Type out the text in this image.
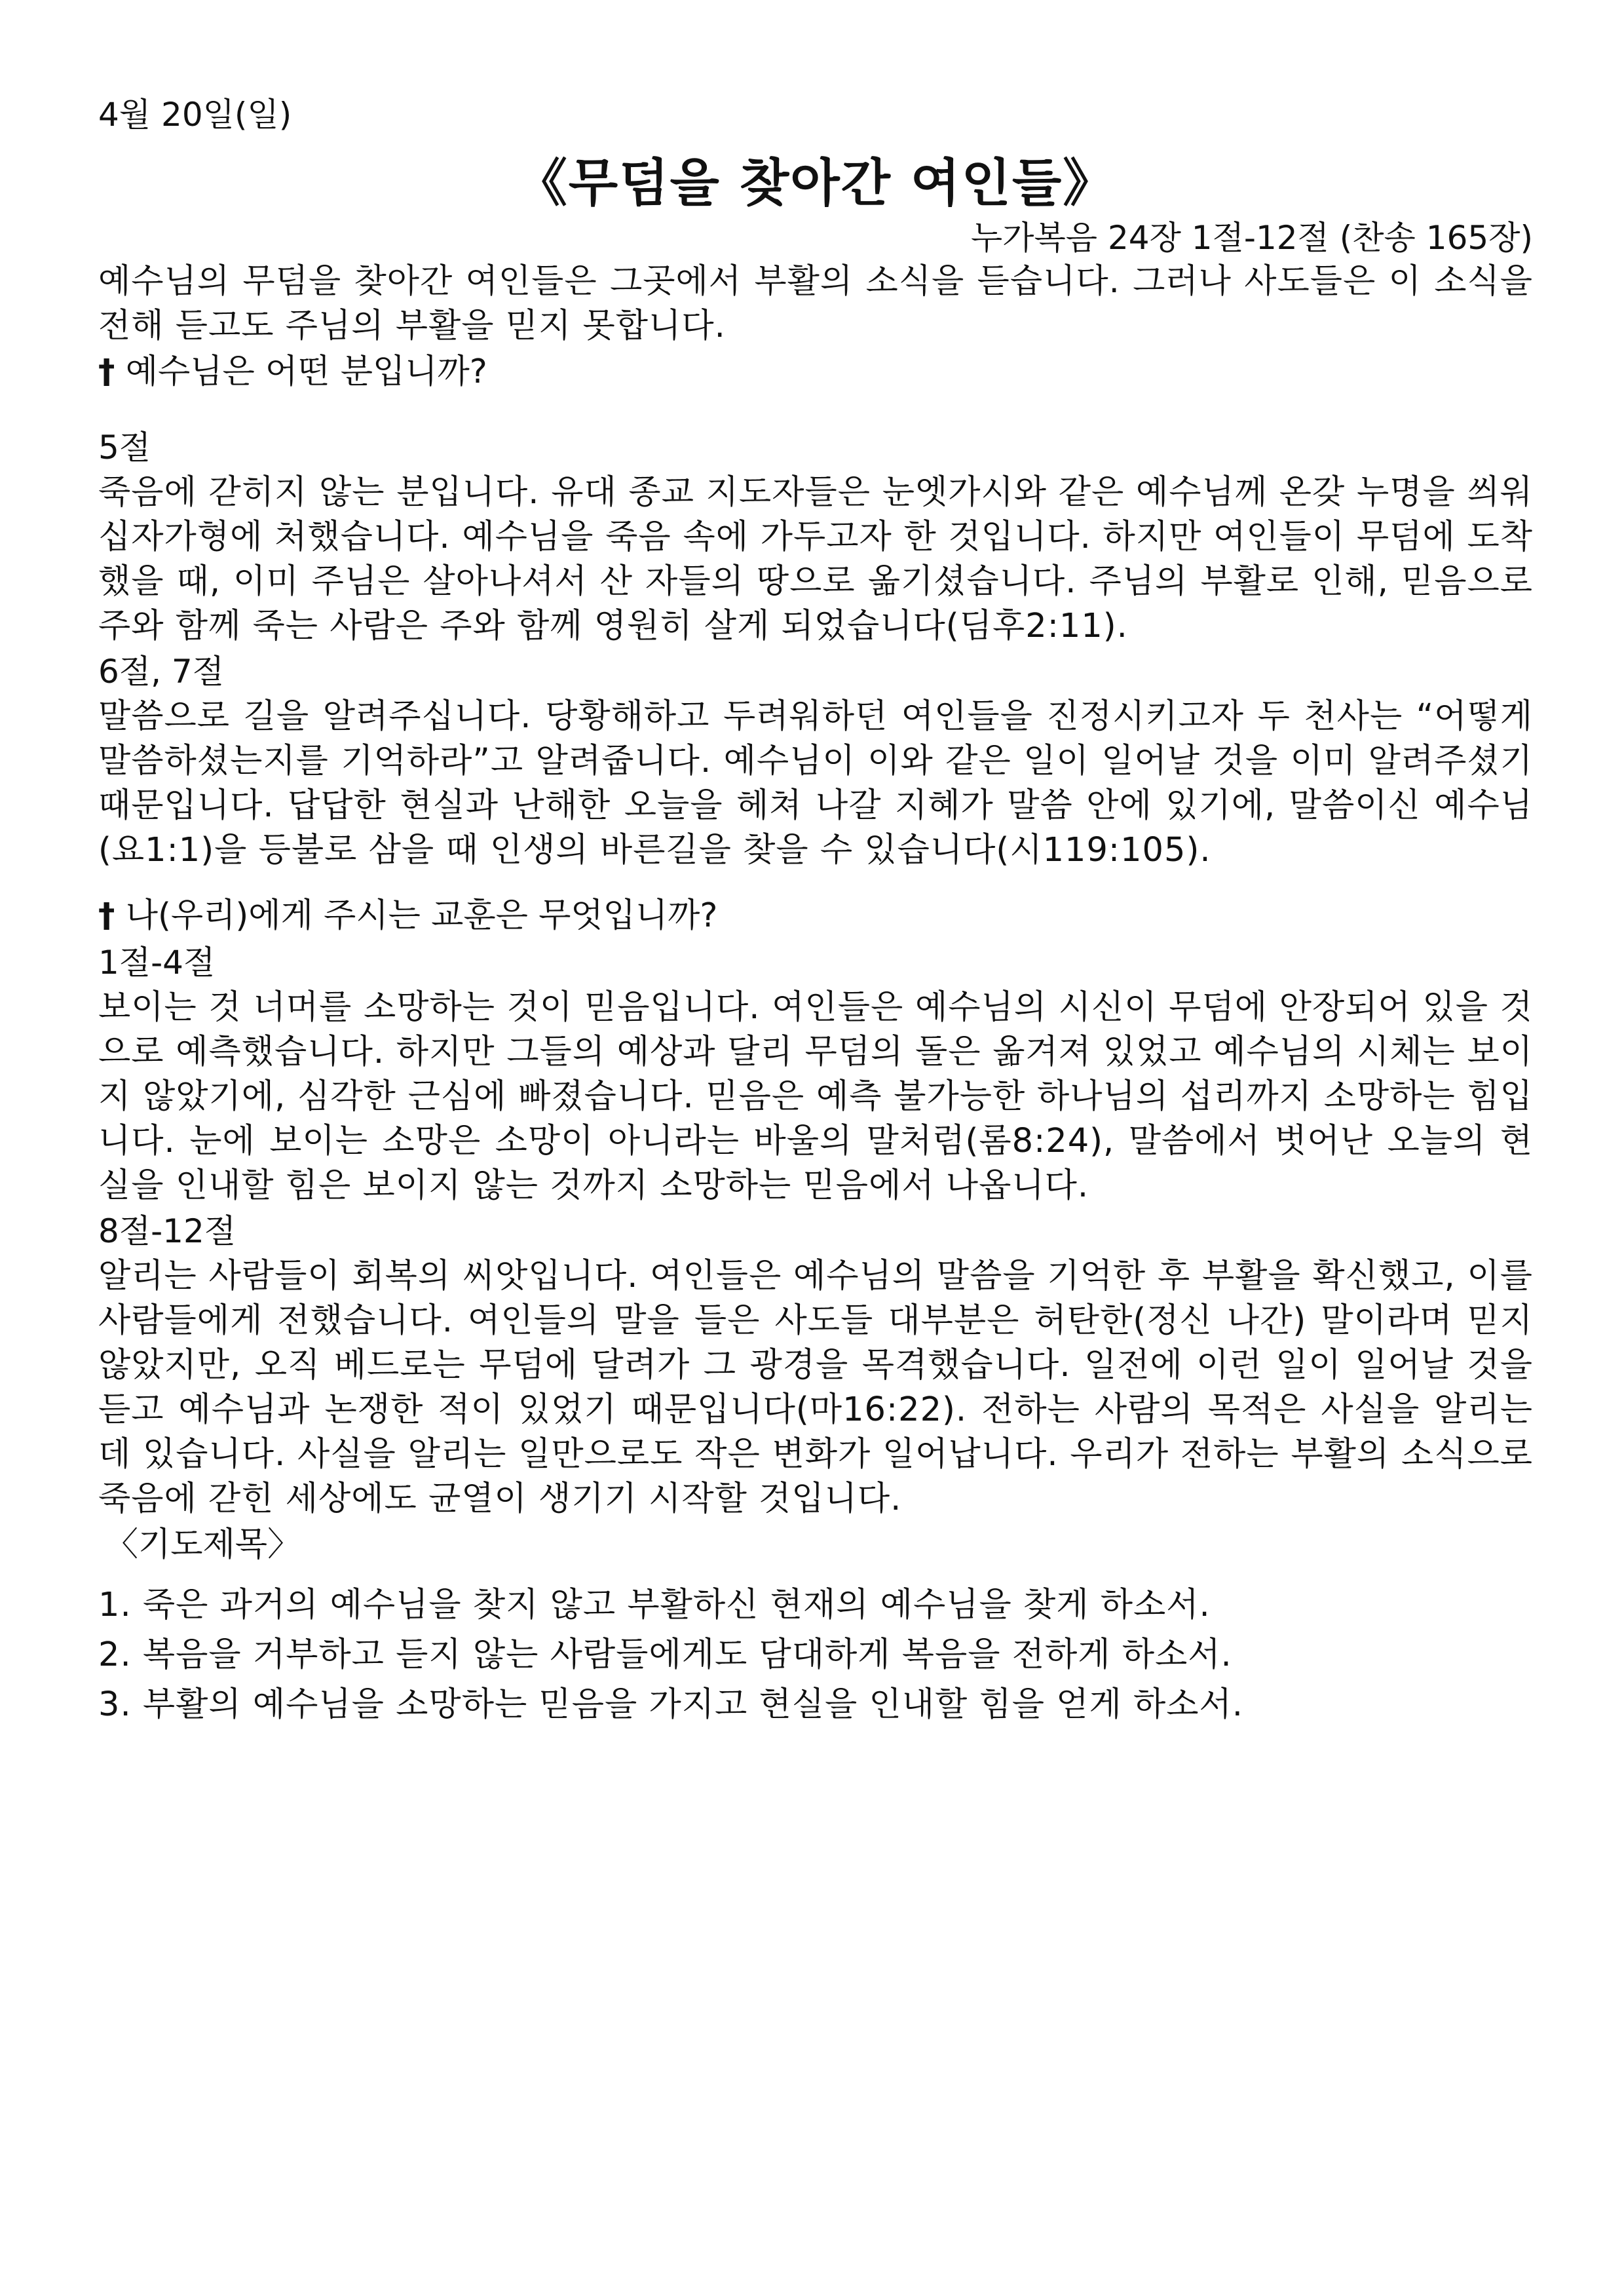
4월 20일(일)
《무덤을 찾아간 여인들》
누가복음 24장 1절-12절 (찬송 165장)

예수님의 무덤을 찾아간 여인들은 그곳에서 부활의 소식을 듣습니다. 그러나 사도들은 이 소식을 전해 듣고도 주님의 부활을 믿지 못합니다.

† 예수님은 어떤 분입니까?
5절

죽음에 갇히지 않는 분입니다. 유대 종교 지도자들은 눈엣가시와 같은 예수님께 온갖 누명을 씌워 십자가형에 처했습니다. 예수님을 죽음 속에 가두고자 한 것입니다. 하지만 여인들이 무덤에 도착했을 때, 이미 주님은 살아나셔서 산 자들의 땅으로 옮기셨습니다. 주님의 부활로 인해, 믿음으로 주와 함께 죽는 사람은 주와 함께 영원히 살게 되었습니다(딤후2:11).

6절, 7절

말씀으로 길을 알려주십니다. 당황해하고 두려워하던 여인들을 진정시키고자 두 천사는 “어떻게 말씀하셨는지를 기억하라”고 알려줍니다. 예수님이 이와 같은 일이 일어날 것을 이미 알려주셨기 때문입니다. 답답한 현실과 난해한 오늘을 헤쳐 나갈 지혜가 말씀 안에 있기에, 말씀이신 예수님(요1:1)을 등불로 삼을 때 인생의 바른길을 찾을 수 있습니다(시119:105).

† 나(우리)에게 주시는 교훈은 무엇입니까?
1절-4절

보이는 것 너머를 소망하는 것이 믿음입니다. 여인들은 예수님의 시신이 무덤에 안장되어 있을 것으로 예측했습니다. 하지만 그들의 예상과 달리 무덤의 돌은 옮겨져 있었고 예수님의 시체는 보이지 않았기에, 심각한 근심에 빠졌습니다. 믿음은 예측 불가능한 하나님의 섭리까지 소망하는 힘입니다. 눈에 보이는 소망은 소망이 아니라는 바울의 말처럼(롬8:24), 말씀에서 벗어난 오늘의 현실을 인내할 힘은 보이지 않는 것까지 소망하는 믿음에서 나옵니다.

8절-12절

알리는 사람들이 회복의 씨앗입니다. 여인들은 예수님의 말씀을 기억한 후 부활을 확신했고, 이를 사람들에게 전했습니다. 여인들의 말을 들은 사도들 대부분은 허탄한(정신 나간) 말이라며 믿지 않았지만, 오직 베드로는 무덤에 달려가 그 광경을 목격했습니다. 일전에 이런 일이 일어날 것을 듣고 예수님과 논쟁한 적이 있었기 때문입니다(마16:22). 전하는 사람의 목적은 사실을 알리는 데 있습니다. 사실을 알리는 일만으로도 작은 변화가 일어납니다. 우리가 전하는 부활의 소식으로 죽음에 갇힌 세상에도 균열이 생기기 시작할 것입니다.

〈기도제목〉
1. 죽은 과거의 예수님을 찾지 않고 부활하신 현재의 예수님을 찾게 하소서.
2. 복음을 거부하고 듣지 않는 사람들에게도 담대하게 복음을 전하게 하소서.
3. 부활의 예수님을 소망하는 믿음을 가지고 현실을 인내할 힘을 얻게 하소서.
